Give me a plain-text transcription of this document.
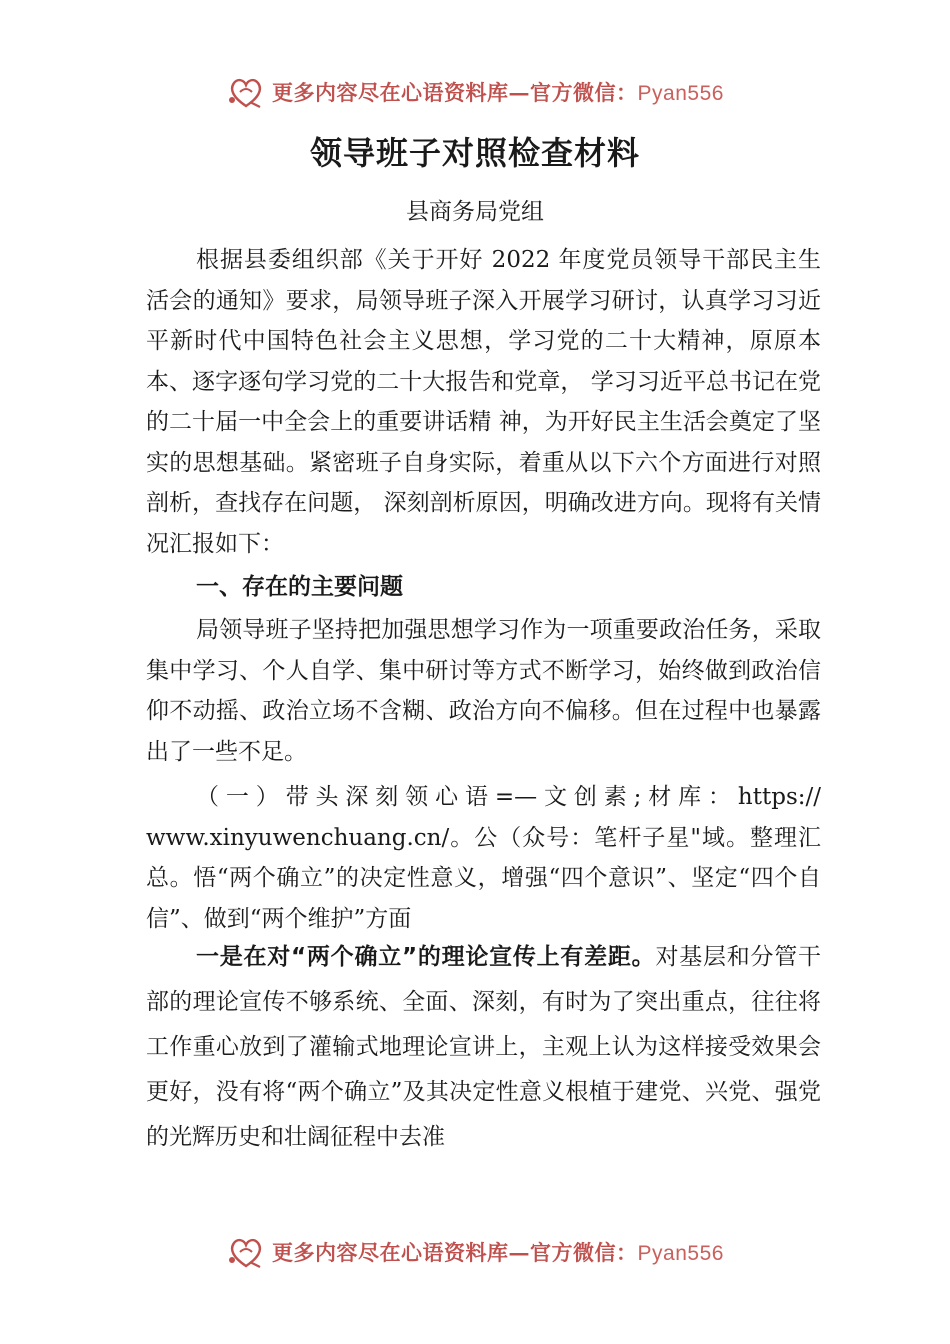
更多内容尽在心语资料库—官方微信：Pyan556
领导班子对照检查材料

县商务局党组

根据县委组织部《关于开好 2022 年度党员领导干部民主生活会的通知》要求，局领导班子深入开展学习研讨，认真学习习近平新时代中国特色社会主义思想，学习党的二十大精神，原原本本、逐字逐句学习党的二十大报告和党章， 学习习近平总书记在党的二十届一中全会上的重要讲话精 神，为开好民主生活会奠定了坚实的思想基础。紧密班子自身实际，着重从以下六个方面进行对照剖析，查找存在问题， 深刻剖析原因，明确改进方向。现将有关情况汇报如下：

一、存在的主要问题

局领导班子坚持把加强思想学习作为一项重要政治任务，采取集中学习、个人自学、集中研讨等方式不断学习，始终做到政治信仰不动摇、政治立场不含糊、政治方向不偏移。但在过程中也暴露出了一些不足。

（一）带头深刻领心语=—文创素;材库：https:// www.xinyuwenchuang.cn/。公（众号：笔杆子星"域。整理汇总。悟“两个确立”的决定性意义，增强“四个意识”、坚定“四个自信”、做到“两个维护”方面

一是在对“两个确立”的理论宣传上有差距。对基层和分管干部的理论宣传不够系统、全面、深刻，有时为了突出重点，往往将工作重心放到了灌输式地理论宣讲上，主观上认为这样接受效果会更好，没有将“两个确立”及其决定性意义根植于建党、兴党、强党的光辉历史和壮阔征程中去准

更多内容尽在心语资料库—官方微信：Pyan556
